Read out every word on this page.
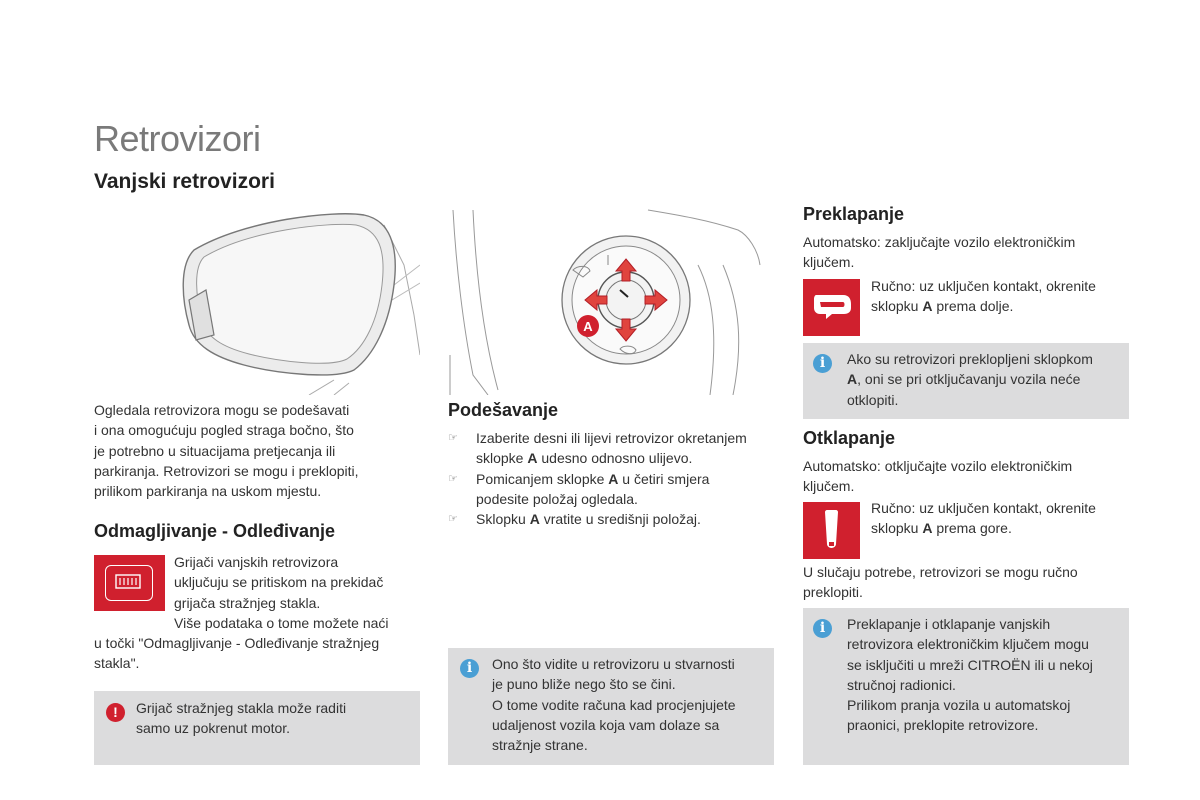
Retrovizori
Vanjski retrovizori
Ogledala retrovizora mogu se podešavati
i ona omogućuju pogled straga bočno, što
je potrebno u situacijama pretjecanja ili
parkiranja. Retrovizori se mogu i preklopiti,
prilikom parkiranja na uskom mjestu.
Odmagljivanje - Odleđivanje
Grijači vanjskih retrovizora
uključuju se pritiskom na prekidač
grijača stražnjeg stakla.
Više podataka o tome možete naći
u točki "Odmagljivanje - Odleđivanje stražnjeg
stakla".
!	Grijač stražnjeg stakla može raditi
samo uz pokrenut motor.
A
Podešavanje
☞ Izaberite desni ili lijevi retrovizor okretanjem sklopke A udesno odnosno ulijevo.
☞ Pomicanjem sklopke A u četiri smjera podesite položaj ogledala.
☞ Sklopku A vratite u središnji položaj.
i	Ono što vidite u retrovizoru u stvarnosti
je puno bliže nego što se čini.
O tome vodite računa kad procjenjujete
udaljenost vozila koja vam dolaze sa
stražnje strane.
Preklapanje
Automatsko: zaključajte vozilo elektroničkim
ključem.
Ručno: uz uključen kontakt, okrenite sklopku A prema dolje.
i	Ako su retrovizori preklopljeni sklopkom A, oni se pri otključavanju vozila neće otklopiti.
Otklapanje
Automatsko: otključajte vozilo elektroničkim
ključem.
Ručno: uz uključen kontakt, okrenite sklopku A prema gore.
U slučaju potrebe, retrovizori se mogu ručno
preklopiti.
i	Preklapanje i otklapanje vanjskih
retrovizora elektroničkim ključem mogu
se isključiti u mreži CITROËN ili u nekoj
stručnoj radionici.
Prilikom pranja vozila u automatskoj
praonici, preklopite retrovizore.
